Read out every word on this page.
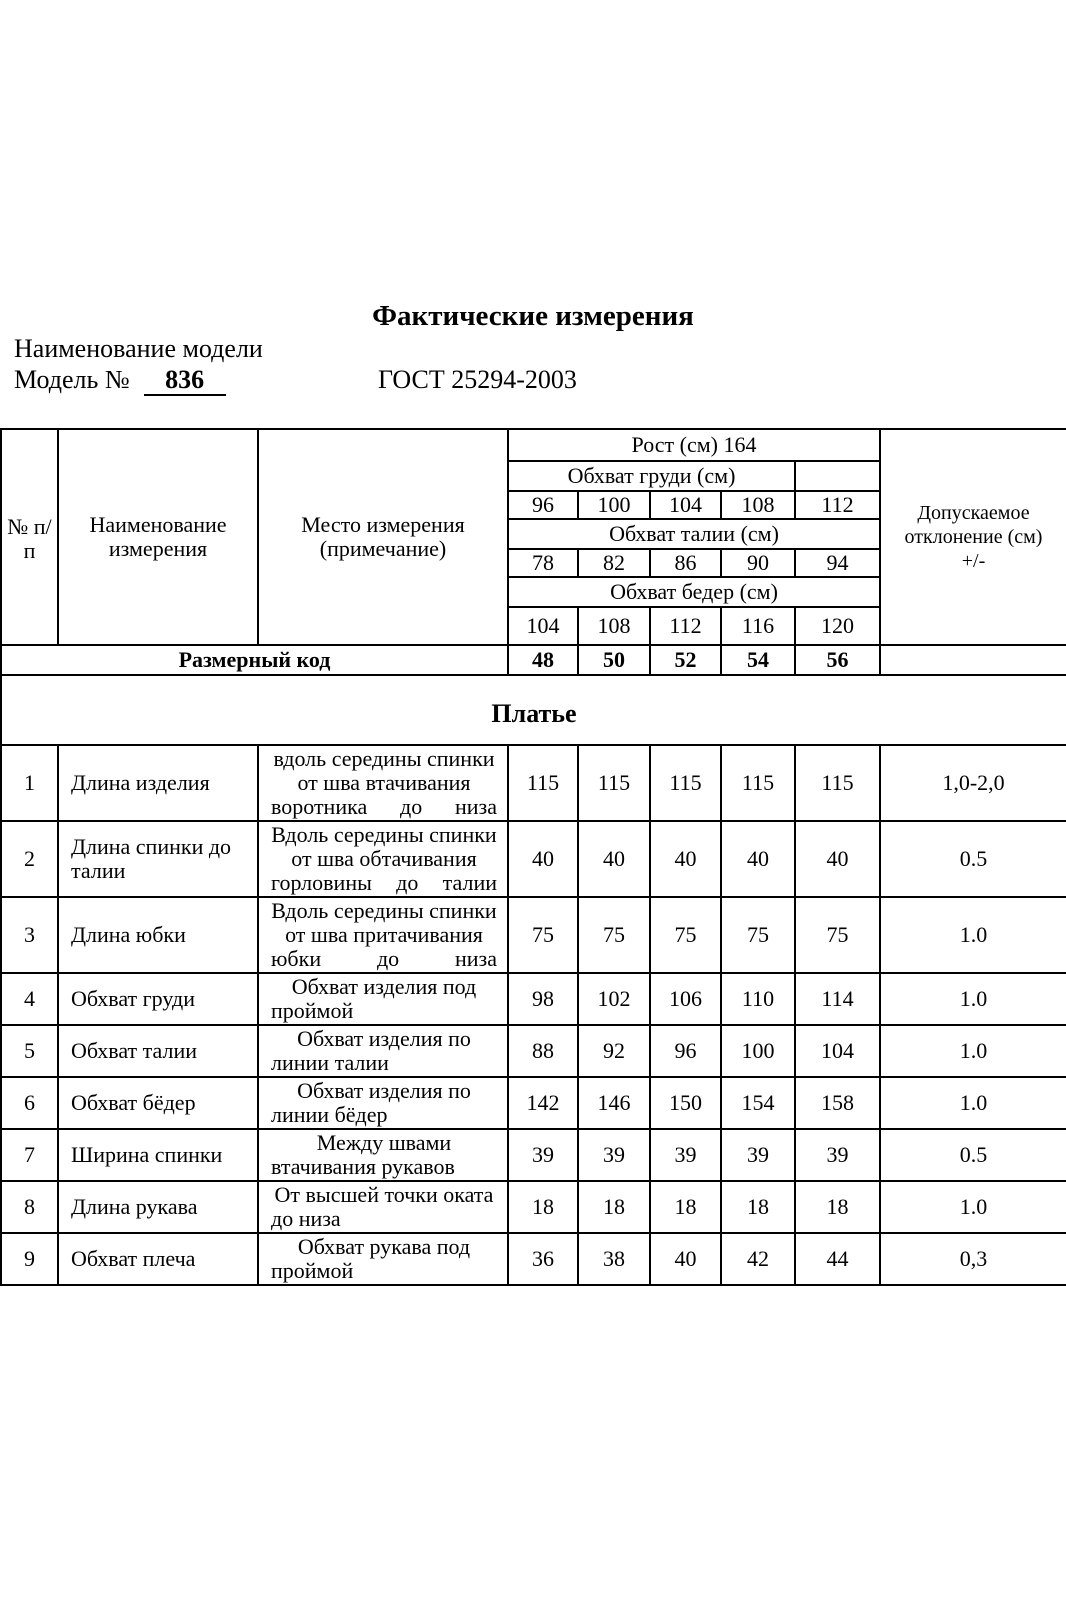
Фактические измерения
Наименование модели
Модель № 836	ГОСТ 25294-2003
№ п/п	Наименование измерения	Место измерения (примечание)	Рост (см) 164					Допускаемое отклонение (см) +/-
			Обхват груди (см)					
			96	100	104	108	112	
			Обхват талии (см)					
			78	82	86	90	94	
			Обхват бедер (см)					
			104	108	112	116	120	
Размерный код			48	50	52	54	56	
Платье								
1	Длина изделия	вдоль середины спинки от шва втачивания воротника до низа	115	115	115	115	115	1,0-2,0
2	Длина спинки до талии	Вдоль середины спинки от шва обтачивания горловины до талии	40	40	40	40	40	0.5
3	Длина юбки	Вдоль середины спинки от шва притачивания юбки до низа	75	75	75	75	75	1.0
4	Обхват груди	Обхват изделия под проймой	98	102	106	110	114	1.0
5	Обхват талии	Обхват изделия по линии талии	88	92	96	100	104	1.0
6	Обхват бёдер	Обхват изделия по линии бёдер	142	146	150	154	158	1.0
7	Ширина спинки	Между швами втачивания рукавов	39	39	39	39	39	0.5
8	Длина рукава	От высшей точки оката до низа	18	18	18	18	18	1.0
9	Обхват плеча	Обхват рукава под проймой	36	38	40	42	44	0,3
